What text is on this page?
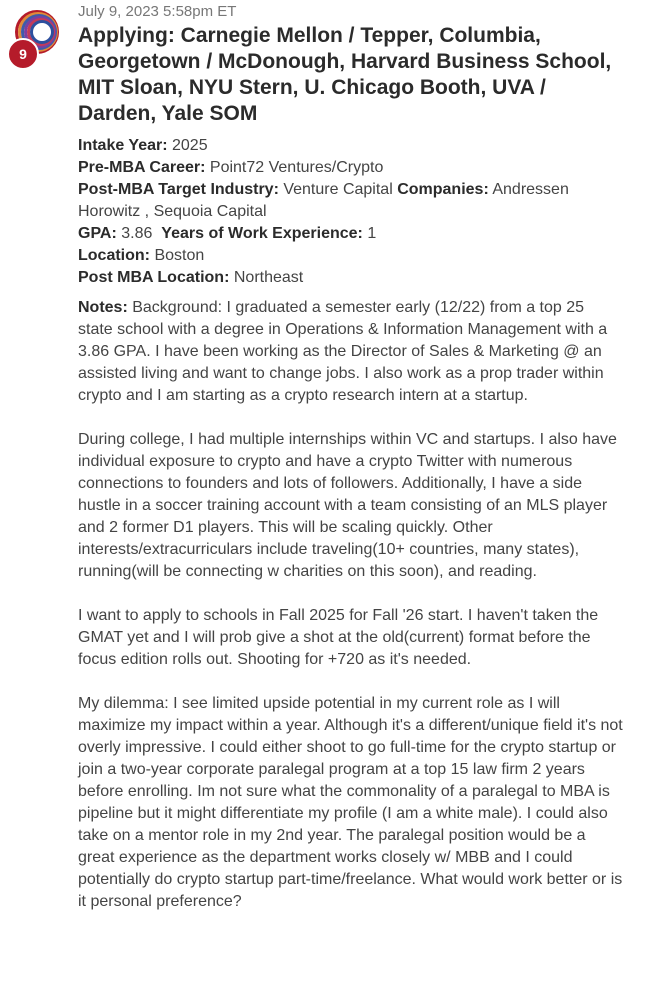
9
July 9, 2023 5:58pm ET
Applying: Carnegie Mellon / Tepper, Columbia, Georgetown / McDonough, Harvard Business School, MIT Sloan, NYU Stern, U. Chicago Booth, UVA / Darden, Yale SOM
Intake Year: 2025
Pre-MBA Career: Point72 Ventures/Crypto
Post-MBA Target Industry: Venture Capital Companies: Andressen Horowitz , Sequoia Capital
GPA: 3.86 Years of Work Experience: 1
Location: Boston
Post MBA Location: Northeast

Notes: Background: I graduated a semester early (12/22) from a top 25 state school with a degree in Operations & Information Management with a 3.86 GPA. I have been working as the Director of Sales & Marketing @ an assisted living and want to change jobs. I also work as a prop trader within crypto and I am starting as a crypto research intern at a startup.

During college, I had multiple internships within VC and startups. I also have individual exposure to crypto and have a crypto Twitter with numerous connections to founders and lots of followers. Additionally, I have a side hustle in a soccer training account with a team consisting of an MLS player and 2 former D1 players. This will be scaling quickly. Other interests/extracurriculars include traveling(10+ countries, many states), running(will be connecting w charities on this soon), and reading.

I want to apply to schools in Fall 2025 for Fall '26 start. I haven't taken the GMAT yet and I will prob give a shot at the old(current) format before the focus edition rolls out. Shooting for +720 as it's needed.

My dilemma: I see limited upside potential in my current role as I will maximize my impact within a year. Although it's a different/unique field it's not overly impressive. I could either shoot to go full-time for the crypto startup or join a two-year corporate paralegal program at a top 15 law firm 2 years before enrolling. Im not sure what the commonality of a paralegal to MBA is pipeline but it might differentiate my profile (I am a white male). I could also take on a mentor role in my 2nd year. The paralegal position would be a great experience as the department works closely w/ MBB and I could potentially do crypto startup part-time/freelance. What would work better or is it personal preference?
